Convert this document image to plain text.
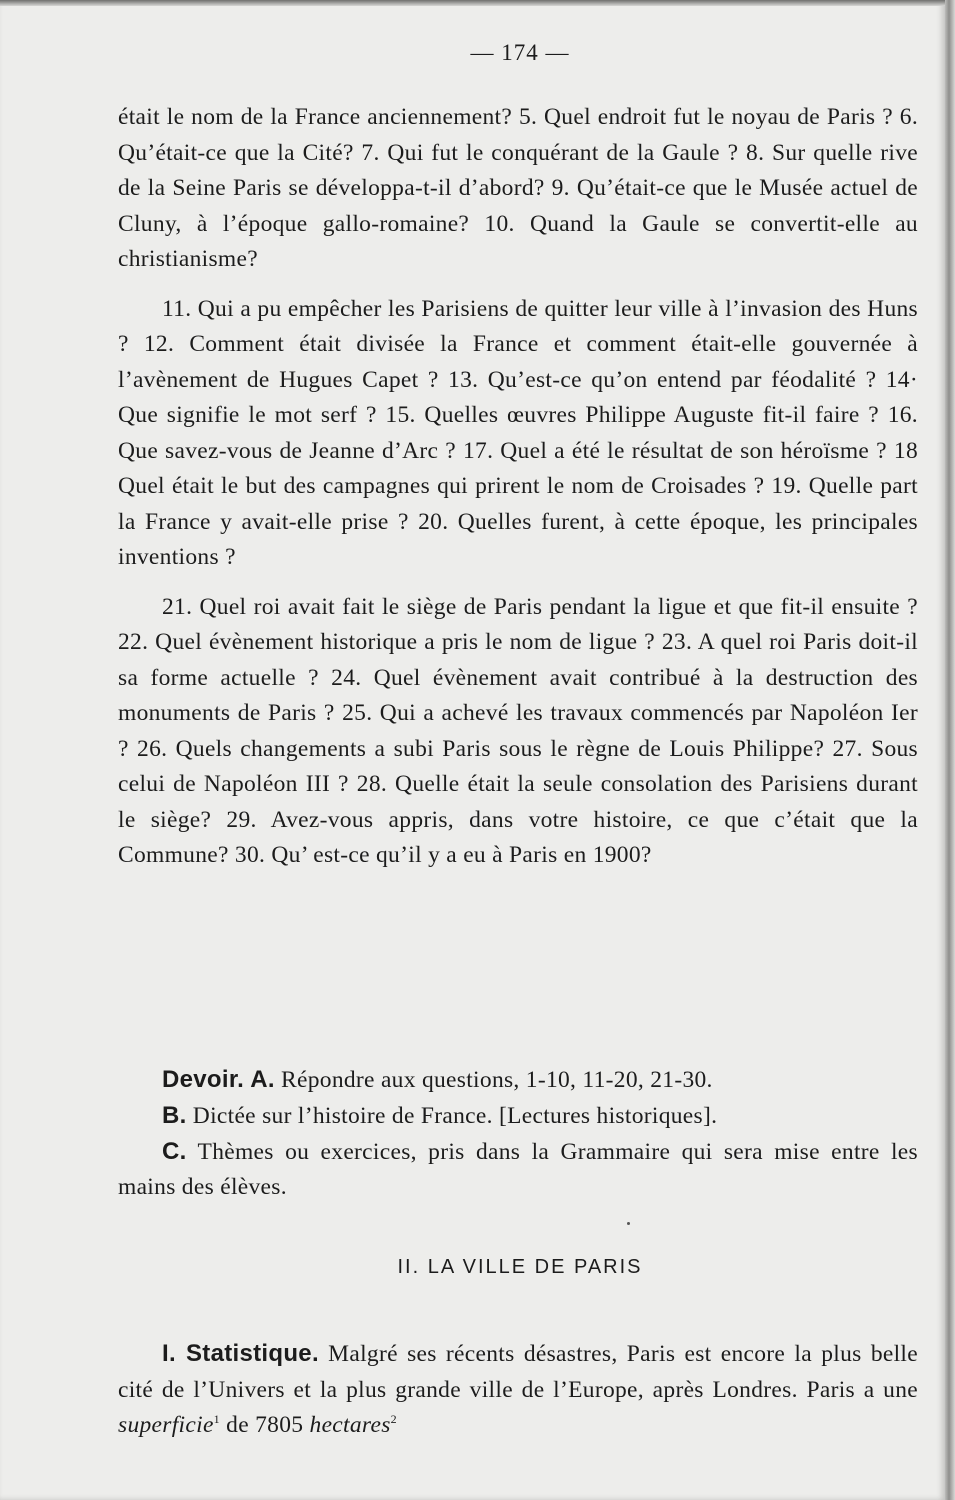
— 174 —

était le nom de la France anciennement? 5. Quel endroit fut le noyau de Paris ? 6. Qu’était-ce que la Cité? 7. Qui fut le conquérant de la Gaule ? 8. Sur quelle rive de la Seine Paris se développa-t-il d’abord? 9. Qu’était-ce que le Musée actuel de Cluny, à l’époque gallo-romaine? 10. Quand la Gaule se convertit-elle au christianisme?

11. Qui a pu empêcher les Parisiens de quitter leur ville à l’invasion des Huns ? 12. Comment était divisée la France et comment était-elle gouvernée à l’avènement de Hugues Capet ? 13. Qu’est-ce qu’on entend par féodalité ? 14· Que signifie le mot serf ? 15. Quelles œuvres Philippe Auguste fit-il faire ? 16. Que savez-vous de Jeanne d’Arc ? 17. Quel a été le résultat de son héroïsme ? 18 Quel était le but des campagnes qui prirent le nom de Croisades ? 19. Quelle part la France y avait-elle prise ? 20. Quelles furent, à cette époque, les principales inventions ?

21. Quel roi avait fait le siège de Paris pendant la ligue et que fit-il ensuite ? 22. Quel évènement historique a pris le nom de ligue ? 23. A quel roi Paris doit-il sa forme actuelle ? 24. Quel évènement avait contribué à la destruction des monuments de Paris ? 25. Qui a achevé les travaux commencés par Napoléon Ier ? 26. Quels changements a subi Paris sous le règne de Louis Philippe? 27. Sous celui de Napoléon III ? 28. Quelle était la seule consolation des Parisiens durant le siège? 29. Avez-vous appris, dans votre histoire, ce que c’était que la Commune? 30. Qu’ est-ce qu’il y a eu à Paris en 1900?

Devoir. A. Répondre aux questions, 1-10, 11-20, 21-30.

B. Dictée sur l’histoire de France. [Lectures historiques].

C. Thèmes ou exercices, pris dans la Grammaire qui sera mise entre les mains des élèves.

II. LA VILLE DE PARIS

I. Statistique. Malgré ses récents désastres, Paris est encore la plus belle cité de l’Univers et la plus grande ville de l’Europe, après Londres. Paris a une superficie$^1$ de 7805 hectares$^2$
